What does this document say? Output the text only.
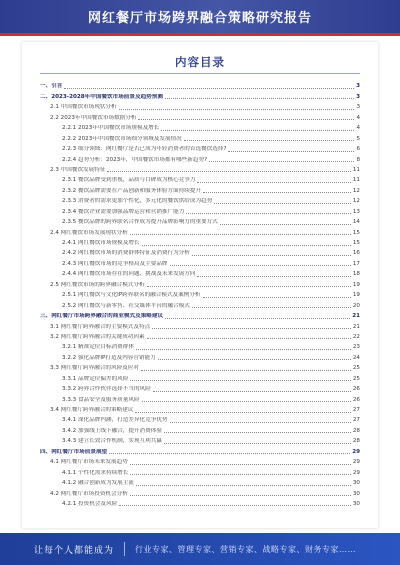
网红餐厅市场跨界融合策略研究报告
内容目录
一、引言	3
二、2023-2028年中国餐饮市场前景及趋势预测	3
2.1 中国餐饮市场现状分析	3
2.2 2023年中国餐饮市场数据分析	4
2.2.1 2023年中国餐饮市场规模及增长	4
2.2.2 2023年中国餐饮市场细分领域及发展情况	5
2.2.3 细分领域：网红餐厅是否已成为年轻消费者的首选餐饮选择?	6
2.2.4 趋势分析：2023年，中国餐饮市场都有哪些新趋势?	8
2.3 中国餐饮发展特征	11
2.3.1 餐饮品牌受到重视，品质与口碑成为核心竞争力	11
2.3.2 餐饮品牌需要在产品创新和服务体验方面持续提升	12
2.3.3 消费者的需求更加个性化，多元化的餐饮供给成为趋势	12
2.3.4 餐饮企业需要加强品牌运营和营销推广能力	13
2.3.5 餐饮品牌的跨界联名合作成为提升品牌影响力的重要方式	14
2.4 网红餐饮市场发展现状分析	15
2.4.1 网红餐饮市场规模及增长	15
2.4.2 网红餐饮市场的消费群体特征及消费行为分析	16
2.4.3 网红餐饮市场的竞争格局及主要品牌	17
2.4.4 网红餐饮市场存在的问题、挑战及未来发展方向	18
2.5 网红餐饮市场的跨界融合模式分析	19
2.5.1 网红餐饮与文化IP跨界联名的融合模式及案例分析	19
2.5.2 网红餐饮与新零售、社交媒体平台的融合模式	20
三、网红餐厅市场跨界融合的商业模式及策略建议	21
3.1 网红餐厅跨界融合的主要模式及特点	21
3.2 网红餐厅跨界融合的关键成功因素	22
3.2.1 精准定位目标消费群体	23
3.2.2 强化品牌IP打造及内容营销能力	24
3.3 网红餐厅跨界融合的风险及应对	25
3.3.1 品牌定位偏差的风险	25
3.3.2 跨界合作伙伴选择不当的风险	26
3.3.3 食品安全及服务质量风险	26
3.4 网红餐厅跨界融合的策略建议	27
3.4.1 深化品牌内涵，打造差异化竞争优势	27
3.4.2 加强线上线下融合，提升消费体验	28
3.4.3 建立长效合作机制，实现互利共赢	28
四、网红餐厅市场前景展望	29
4.1 网红餐厅市场未来发展趋势	29
4.1.1 个性化需求持续增长	29
4.1.2 融合创新成为发展主流	30
4.2 网红餐厅市场投资机会分析	30
4.2.1 投资机会及风险	30
让每个人都能成为	行业专家、管理专家、营销专家、战略专家、财务专家……
